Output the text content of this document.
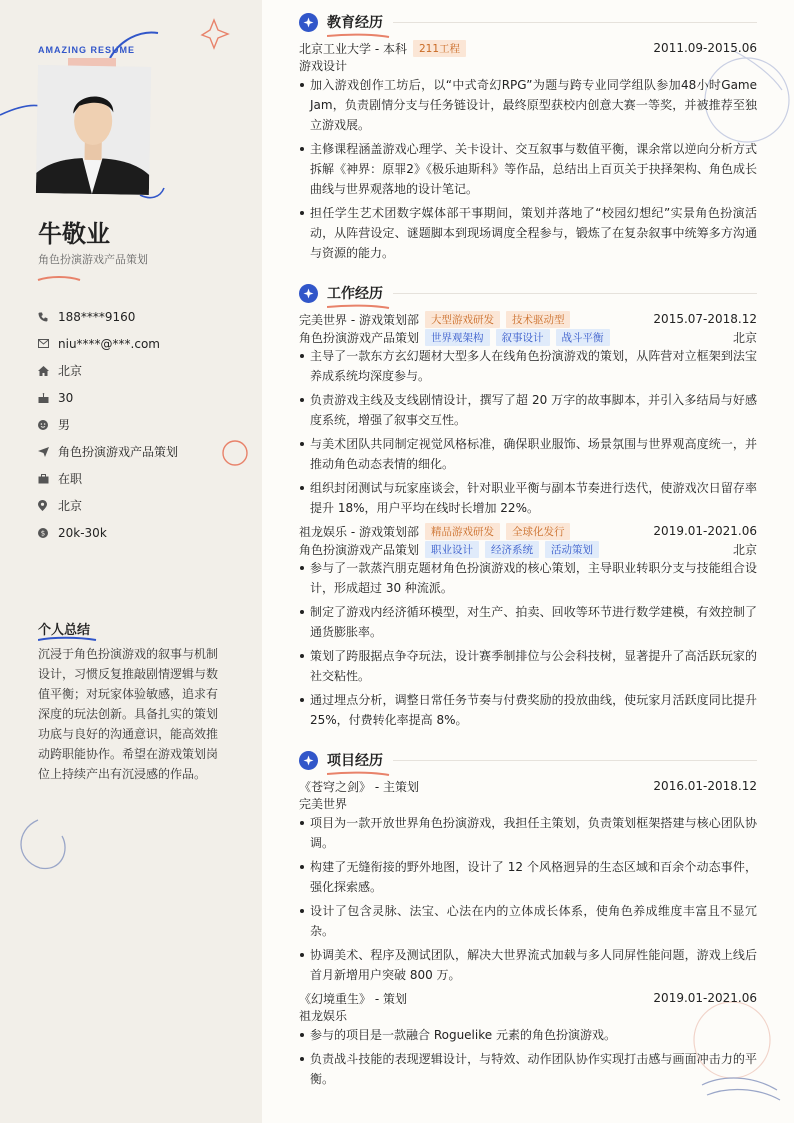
AMAZING RESUME
牛敬业
角色扮演游戏产品策划
188****9160
niu****@***.com
北京
30
男
角色扮演游戏产品策划
在职
北京
$ 20k-30k
个人总结
沉浸于角色扮演游戏的叙事与机制设计，习惯反复推敲剧情逻辑与数值平衡；对玩家体验敏感，追求有深度的玩法创新。具备扎实的策划功底与良好的沟通意识，能高效推动跨职能协作。希望在游戏策划岗位上持续产出有沉浸感的作品。
教育经历
北京工业大学 - 本科	211工程	2011.09-2015.06
游戏设计
加入游戏创作工坊后，以“中式奇幻RPG”为题与跨专业同学组队参加48小时Game Jam，负责剧情分支与任务链设计，最终原型获校内创意大赛一等奖，并被推荐至独立游戏展。
主修课程涵盖游戏心理学、关卡设计、交互叙事与数值平衡，课余常以逆向分析方式拆解《神界：原罪2》《极乐迪斯科》等作品，总结出上百页关于抉择架构、角色成长曲线与世界观落地的设计笔记。
担任学生艺术团数字媒体部干事期间，策划并落地了“校园幻想纪”实景角色扮演活动，从阵营设定、谜题脚本到现场调度全程参与，锻炼了在复杂叙事中统筹多方沟通与资源的能力。
工作经历
完美世界 - 游戏策划部	大型游戏研发	技术驱动型	2015.07-2018.12
角色扮演游戏产品策划	世界观架构	叙事设计	战斗平衡	北京
主导了一款东方玄幻题材大型多人在线角色扮演游戏的策划，从阵营对立框架到法宝养成系统均深度参与。
负责游戏主线及支线剧情设计，撰写了超 20 万字的故事脚本，并引入多结局与好感度系统，增强了叙事交互性。
与美术团队共同制定视觉风格标准，确保职业服饰、场景氛围与世界观高度统一，并推动角色动态表情的细化。
组织封闭测试与玩家座谈会，针对职业平衡与副本节奏进行迭代，使游戏次日留存率提升 18%，用户平均在线时长增加 22%。
祖龙娱乐 - 游戏策划部	精品游戏研发	全球化发行	2019.01-2021.06
角色扮演游戏产品策划	职业设计	经济系统	活动策划	北京
参与了一款蒸汽朋克题材角色扮演游戏的核心策划，主导职业转职分支与技能组合设计，形成超过 30 种流派。
制定了游戏内经济循环模型，对生产、拍卖、回收等环节进行数学建模，有效控制了通货膨胀率。
策划了跨服据点争夺玩法，设计赛季制排位与公会科技树，显著提升了高活跃玩家的社交粘性。
通过埋点分析，调整日常任务节奏与付费奖励的投放曲线，使玩家月活跃度同比提升 25%，付费转化率提高 8%。
项目经历
《苍穹之剑》 - 主策划	2016.01-2018.12
完美世界
项目为一款开放世界角色扮演游戏，我担任主策划，负责策划框架搭建与核心团队协调。
构建了无缝衔接的野外地图，设计了 12 个风格迥异的生态区域和百余个动态事件，强化探索感。
设计了包含灵脉、法宝、心法在内的立体成长体系，使角色养成维度丰富且不显冗杂。
协调美术、程序及测试团队，解决大世界流式加载与多人同屏性能问题，游戏上线后首月新增用户突破 800 万。
《幻境重生》 - 策划	2019.01-2021.06
祖龙娱乐
参与的项目是一款融合 Roguelike 元素的角色扮演游戏。
负责战斗技能的表现逻辑设计，与特效、动作团队协作实现打击感与画面冲击力的平衡。
